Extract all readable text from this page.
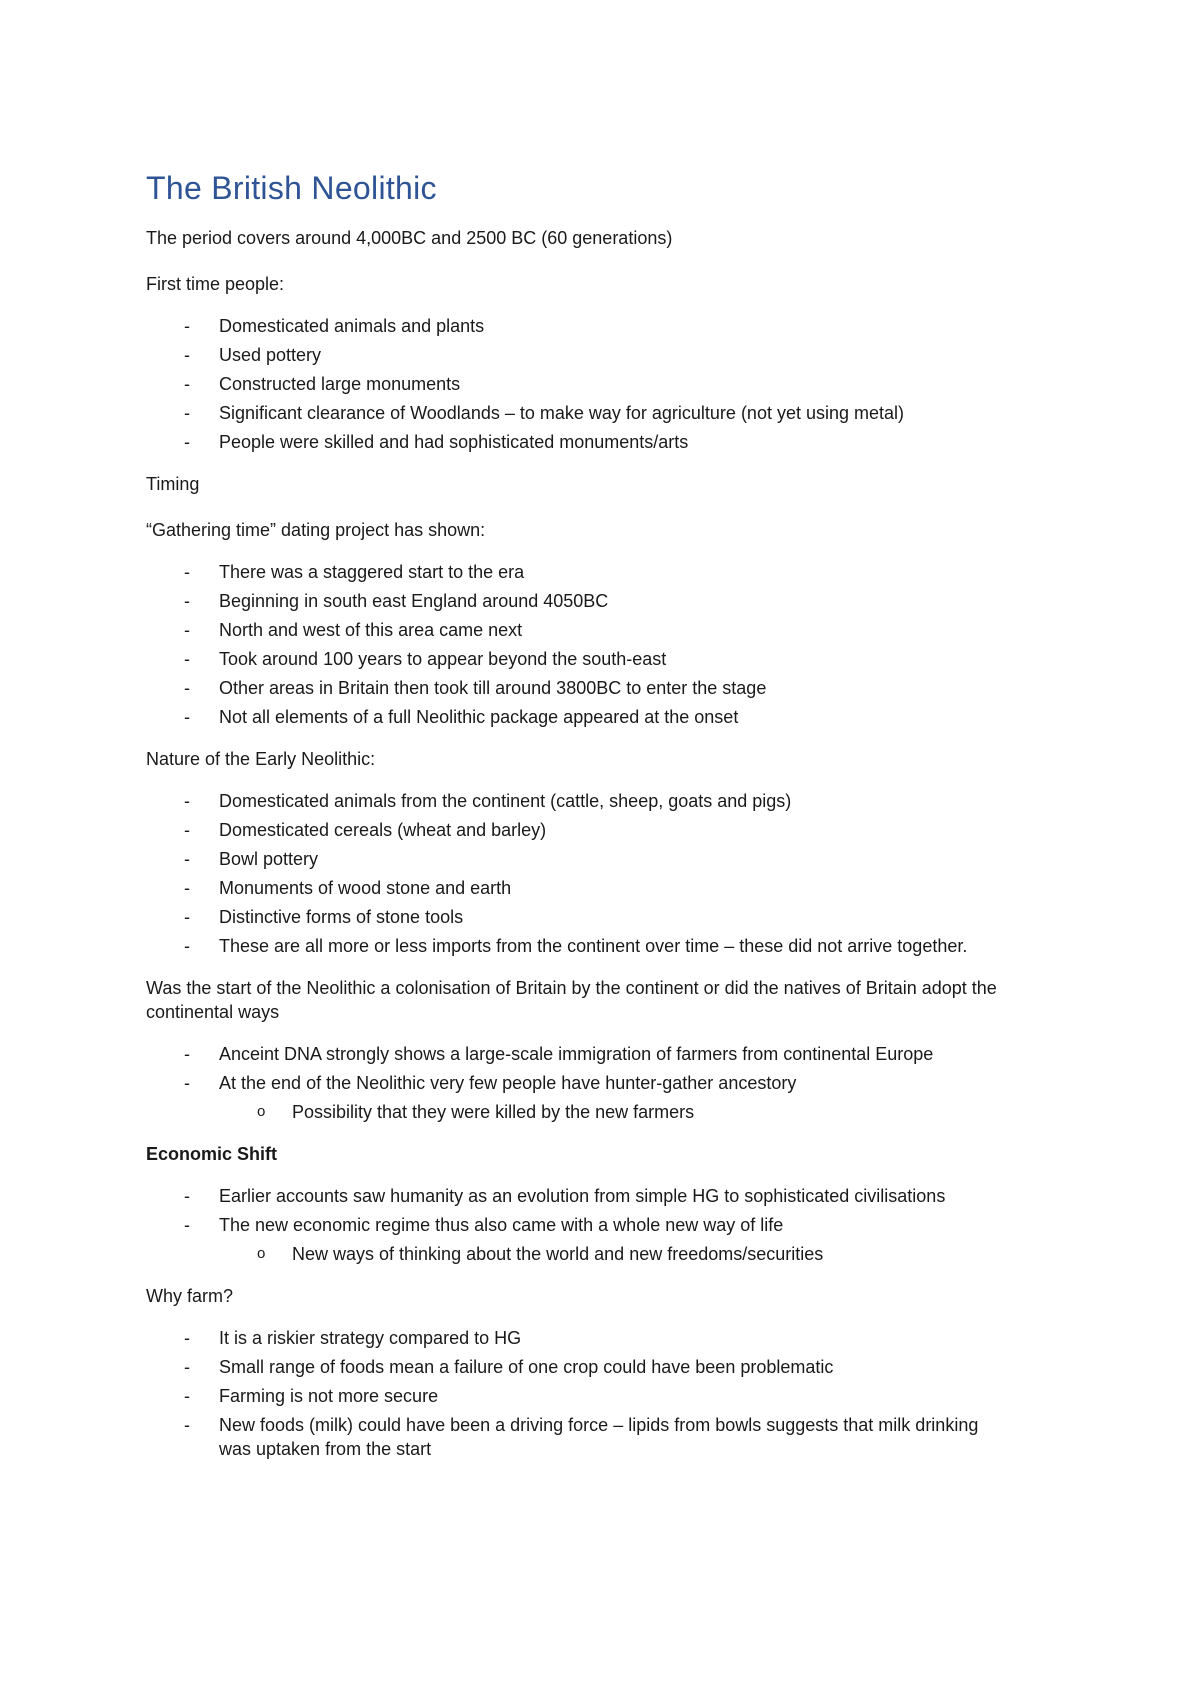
The British Neolithic

The period covers around 4,000BC and 2500 BC (60 generations)

First time people:

-	Domesticated animals and plants
-	Used pottery
-	Constructed large monuments
-	Significant clearance of Woodlands – to make way for agriculture (not yet using metal)
-	People were skilled and had sophisticated monuments/arts

Timing

“Gathering time” dating project has shown:

-	There was a staggered start to the era
-	Beginning in south east England around 4050BC
-	North and west of this area came next
-	Took around 100 years to appear beyond the south-east
-	Other areas in Britain then took till around 3800BC to enter the stage
-	Not all elements of a full Neolithic package appeared at the onset

Nature of the Early Neolithic:

-	Domesticated animals from the continent (cattle, sheep, goats and pigs)
-	Domesticated cereals (wheat and barley)
-	Bowl pottery
-	Monuments of wood stone and earth
-	Distinctive forms of stone tools
-	These are all more or less imports from the continent over time – these did not arrive together.

Was the start of the Neolithic a colonisation of Britain by the continent or did the natives of Britain adopt the continental ways

-	Anceint DNA strongly shows a large-scale immigration of farmers from continental Europe
-	At the end of the Neolithic very few people have hunter-gather ancestory
o Possibility that they were killed by the new farmers

Economic Shift

-	Earlier accounts saw humanity as an evolution from simple HG to sophisticated civilisations
-	The new economic regime thus also came with a whole new way of life
o New ways of thinking about the world and new freedoms/securities

Why farm?

-	It is a riskier strategy compared to HG
-	Small range of foods mean a failure of one crop could have been problematic
-	Farming is not more secure
-	New foods (milk) could have been a driving force – lipids from bowls suggests that milk drinking was uptaken from the start
